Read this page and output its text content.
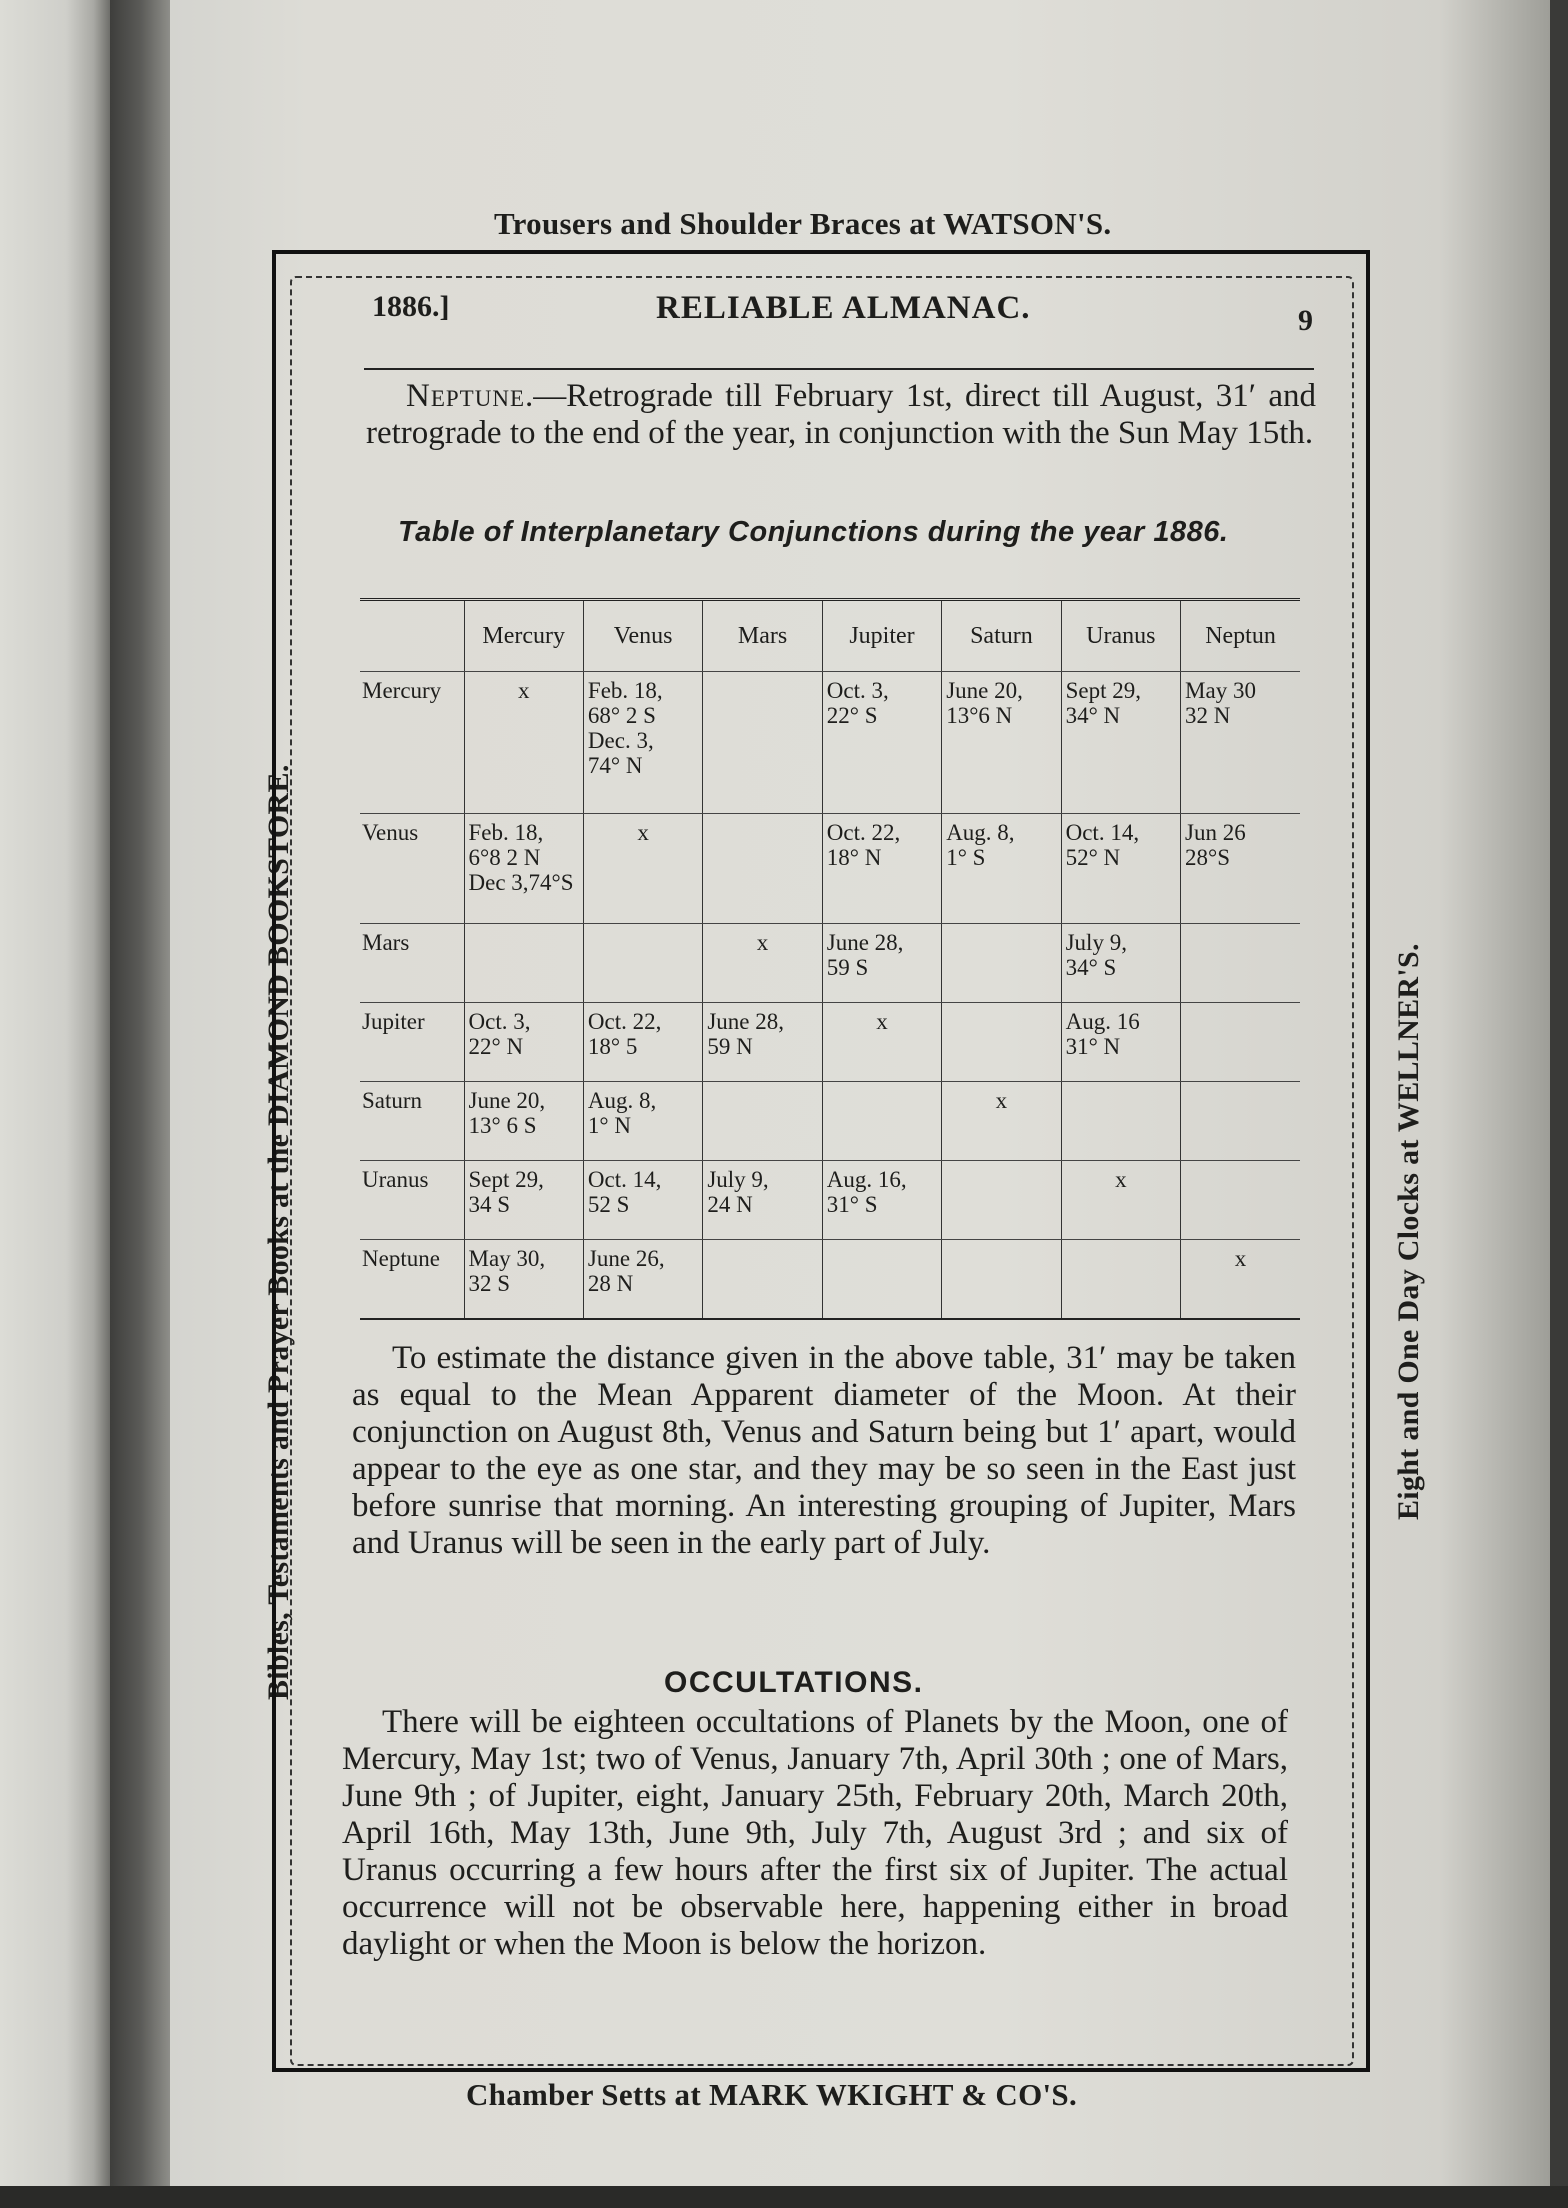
Trousers and Shoulder Braces at WATSON'S.
Chamber Setts at MARK WKIGHT & CO'S.
Bibles, Testaments and Prayer Books at the DIAMOND BOOKSTORE.	Eight and One Day Clocks at WELLNER'S.
1886.]	RELIABLE ALMANAC.	9

Neptune.—Retrograde till February 1st, direct till August, 31′ and retrograde to the end of the year, in conjunction with the Sun May 15th.

Table of Interplanetary Conjunctions during the year 1886.
	Mercury	Venus	Mars	Jupiter	Saturn	Uranus	Neptun
Mercury	x	Feb. 18,
68° 2 S
Dec. 3,
74° N		Oct. 3,
22° S	June 20,
13°6 N	Sept 29,
34° N	May 30
32 N
Venus	Feb. 18,
6°8 2 N
Dec 3,74°S	x		Oct. 22,
18° N	Aug. 8,
1° S	Oct. 14,
52° N	Jun 26
28°S
Mars			x	June 28,
59 S		July 9,
34° S	
Jupiter	Oct. 3,
22° N	Oct. 22,
18° 5	June 28,
59 N	x		Aug. 16
31° N	
Saturn	June 20,
13° 6 S	Aug. 8,
1° N			x		
Uranus	Sept 29,
34 S	Oct. 14,
52 S	July 9,
24 N	Aug. 16,
31° S		x	
Neptune	May 30,
32 S	June 26,
28 N					x

To estimate the distance given in the above table, 31′ may be taken as equal to the Mean Apparent diameter of the Moon. At their conjunction on August 8th, Venus and Saturn being but 1′ apart, would appear to the eye as one star, and they may be so seen in the East just before sunrise that morning. An interesting grouping of Jupiter, Mars and Uranus will be seen in the early part of July.

OCCULTATIONS.

There will be eighteen occultations of Planets by the Moon, one of Mercury, May 1st; two of Venus, January 7th, April 30th ; one of Mars, June 9th ; of Jupiter, eight, January 25th, February 20th, March 20th, April 16th, May 13th, June 9th, July 7th, August 3rd ; and six of Uranus occurring a few hours after the first six of Jupiter. The actual occurrence will not be observable here, happening either in broad daylight or when the Moon is below the horizon.
